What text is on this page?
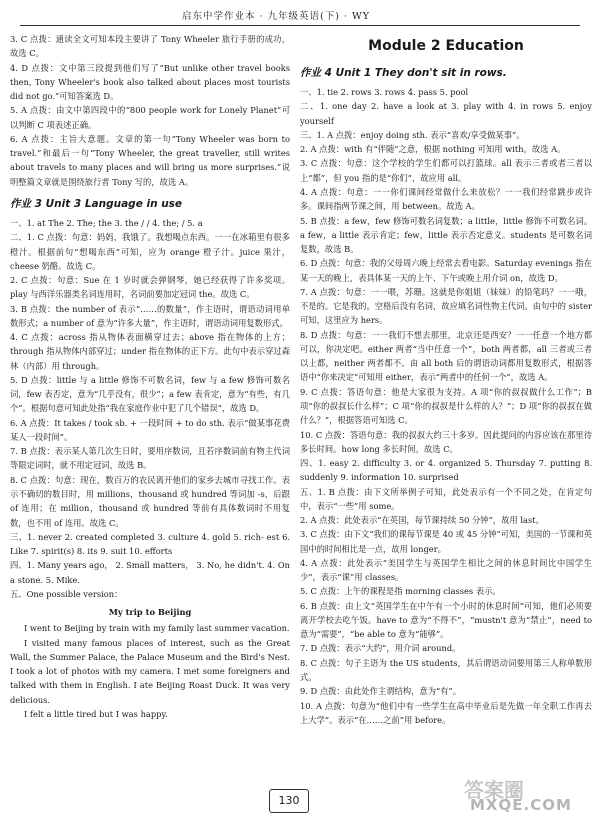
启东中学作业本 · 九年级英语(下) · WY

3. C 点拨：通读全文可知本段主要讲了 Tony Wheeler 旅行手册的成功，故选 C。

4. D 点拨：文中第三段提到他们写了“But unlike other travel books then, Tony Wheeler's book also talked about places most tourists did not go.”可知答案选 D。

5. A 点拨：由文中第四段中的“800 people work for Lonely Planet”可以判断 C 项表述正确。

6. A 点拨：主旨大意题。文章的第一句“Tony Wheeler was born to travel.”和最后一句“Tony Wheeler, the great traveller, still writes about travels to many places and will bring us more surprises.”说明整篇文章就是围绕旅行者 Tony 写的，故选 A。

作业 3 Unit 3 Language in use

一、1. at The 2. The; the 3. the / / 4. the; / 5. a

二、1. C 点拨：句意：妈妈，我饿了。我想喝点东西。一一在冰箱里有很多橙汁。根据前句“想喝东西”可知，应为 orange 橙子汁。juice 果汁，cheese 奶酪。故选 C。

2. C 点拨：句意：Sue 在 1 岁时就会弹钢琴，她已经获得了许多奖项。play 与西洋乐器类名词连用时，名词前要加定冠词 the。故选 C。

3. B 点拨：the number of 表示“……的数量”，作主语时，谓语动词用单数形式；a number of 意为“许多大量”，作主语时，谓语动词用复数形式。

4. C 点拨：across 指从物体表面横穿过去；above 指在物体的上方；through 指从物体内部穿过；under 指在物体的正下方。此句中表示穿过森林（内部）用 through。

5. D 点拨：little 与 a little 修饰不可数名词，few 与 a few 修饰可数名词，few 表否定，意为“几乎没有，很少”；a few 表肯定，意为“有些，有几个”。根据句意可知此处指“我在家庭作业中犯了几个错误”，故选 D。

6. A 点拨：It takes / took sb. + 一段时间 + to do sth. 表示“做某事花费某人一段时间”。

7. B 点拨：表示某人第几次生日时，要用序数词，且若序数词前有物主代词等限定词时，就不用定冠词，故选 B。

8. C 点拨：句意：现在，数百万的农民离开他们的家乡去城市寻找工作。表示不确切的数目时，用 millions，thousand 或 hundred 等词加 -s，后跟 of 连用；在 million，thousand 或 hundred 等前有具体数词时不用复数，也不用 of 连用。故选 C。

三、1. never 2. created completed 3. culture 4. gold 5. rich- est 6. Like 7. spirit(s) 8. its 9. suit 10. efforts

四、1. Many years ago， 2. Small matters， 3. No, he didn't. 4. On a stone. 5. Mike.

五、One possible version：

My trip to Beijing

I went to Beijing by train with my family last summer vacation.

I visited many famous places of interest, such as the Great Wall, the Summer Palace, the Palace Museum and the Bird's Nest. I took a lot of photos with my camera. I met some foreigners and talked with them in English. I ate Beijing Roast Duck. It was very delicious.

I felt a little tired but I was happy.

Module 2 Education
作业 4 Unit 1 They don't sit in rows.

一、1. tie 2. rows 3. rows 4. pass 5. pool

二、1. one day 2. have a look at 3. play with 4. in rows 5. enjoy yourself

三、1. A 点拨：enjoy doing sth. 表示“喜欢/享受做某事”。

2. A 点拨：with 有“伴随”之意，根据 nothing 可知用 with。故选 A。

3. C 点拨：句意：这个学校的学生们都可以打篮球。all 表示三者或者三者以上“都”，但 you 指的是“你们”，故应用 all。

4. A 点拨：句意：一一你们课间经常做什么来放松？一一我们经常跳步或许多。课间指两节课之间，用 between。故选 A。

5. B 点拨：a few，few 修饰可数名词复数；a little，little 修饰不可数名词。a few，a little 表示肯定；few，little 表示否定意义。students 是可数名词复数，故选 B。

6. D 点拨：句意：我的父母周六晚上经常去看电影。Saturday evenings 指在某一天的晚上，表具体某一天的上午、下午或晚上用介词 on，故选 D。

7. A 点拨：句意：一一喂，苏珊。这就是你姐姐（妹妹）的铅笔吗？一一哦，不是的。它是我的。空格后没有名词，故应填名词性物主代词。由句中的 sister 可知，这里应为 hers。

8. D 点拨：句意：一一我们不想去那里，北京还是西安？一一任意一个地方都可以，你决定吧。either 两者“当中任意一个”，both 两者都，all 三者或三者以上都，neither 两者都不。由 all both 后的谓语动词都用复数形式，根据答语中“你来决定”可知用 either，表示“两者中的任何一个”，故选 A。

9. C 点拨：答语句意：他是大家很为支持。A 项“你的叔叔做什么工作”；B 项“你的叔叔长什么样”；C 项“你的叔叔是什么样的人？”；D 项“你的叔叔在做什么？”，根据答语可知选 C。

10. C 点拨：答语句意：我的叔叔大约三十多岁。因此提问的内容应该在那里待多长时间。how long 多长时间，故选 C。

四、1. easy 2. difficulty 3. or 4. organized 5. Thursday 7. putting 8. suddenly 9. information 10. surprised

五、1. B 点拨：由下文所举例子可知，此处表示有一个不同之处，在肯定句中，表示“一些”用 some。

2. A 点拨：此处表示“在英国，每节课持续 50 分钟”，故用 last。

3. C 点拨：由下文“我们的课每节课是 40 或 45 分钟”可知，美国的一节课和英国中的时间相比是一点，故用 longer。

4. A 点拨：此处表示“美国学生与英国学生相比之间的休息时间比中国学生少”，表示“课”用 classes。

5. C 点拨：上午的课程是指 morning classes 表示。

6. B 点拨：由上文“英国学生在中午有一个小时的休息时间”可知，他们必须要离开学校去吃午饭。have to 意为“不得不”，“mustn't 意为“禁止”，need to 意为“需要”，“be able to 意为“能够”。

7. D 点拨：表示“大约”，用介词 around。

8. C 点拨：句子主语为 the US students，其后谓语动词要用第三人称单数形式。

9. D 点拨：由此处作主谓结构，意为“有”。

10. A 点拨：句意为“他们中有一些学生在高中毕业后是先做一年全职工作再去上大学”。表示“在……之前”用 before。

130	答案圈
MXQE.COM
